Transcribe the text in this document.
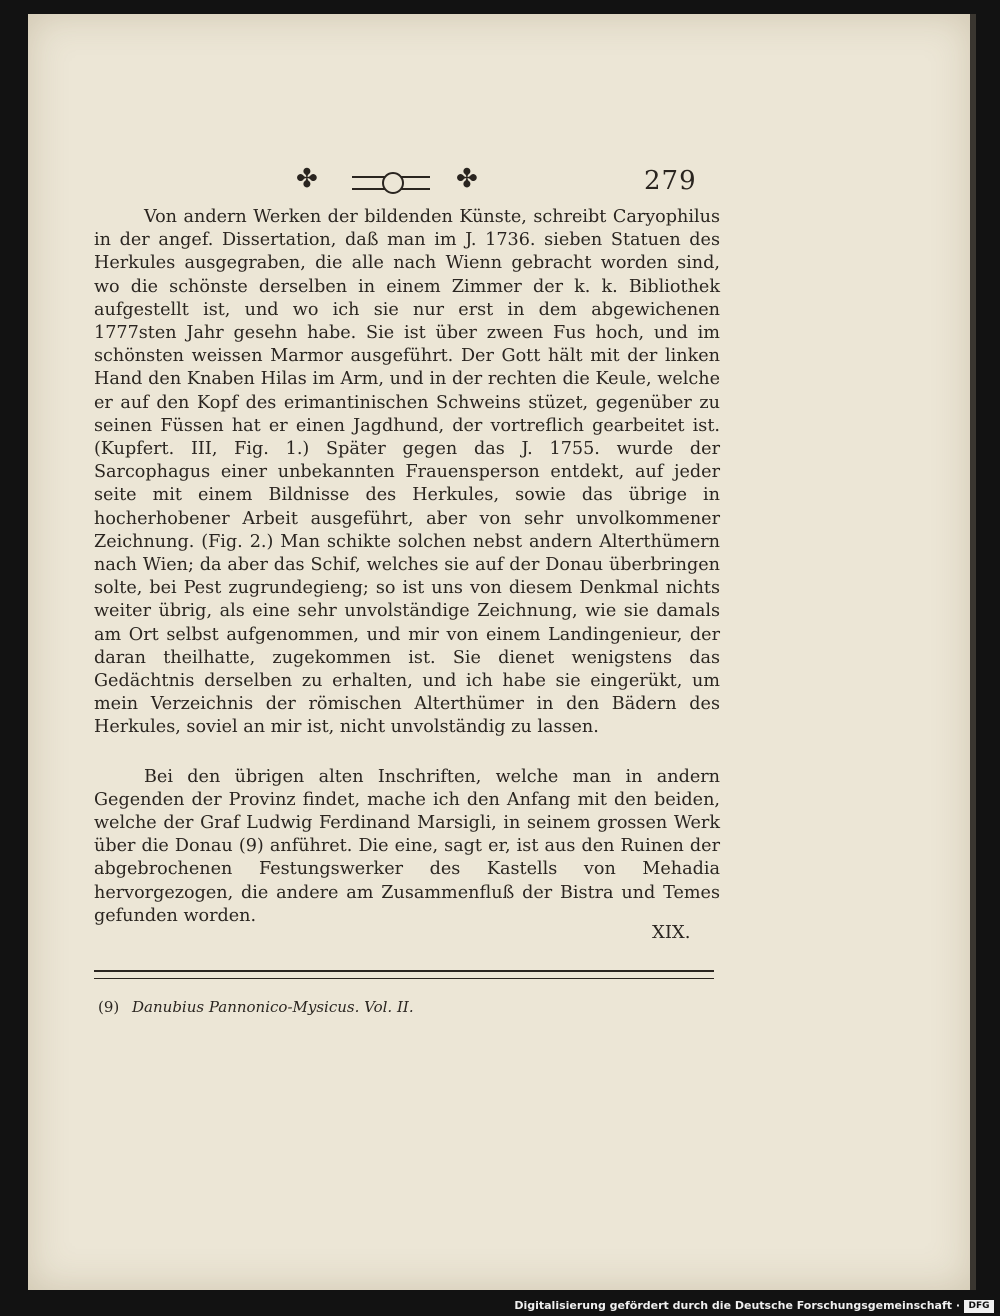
✤	✤	279

Von andern Werken der bildenden Künste, schreibt Caryophilus in der angef. Dissertation, daß man im J. 1736. sieben Statuen des Herkules ausgegraben, die alle nach Wienn gebracht worden sind, wo die schönste derselben in einem Zimmer der k. k. Bibliothek aufgestellt ist, und wo ich sie nur erst in dem abgewichenen 1777sten Jahr gesehn habe. Sie ist über zween Fus hoch, und im schönsten weissen Marmor ausgeführt. Der Gott hält mit der linken Hand den Knaben Hilas im Arm, und in der rechten die Keule, welche er auf den Kopf des erimantinischen Schweins stüzet, gegenüber zu seinen Füssen hat er einen Jagdhund, der vortreflich gearbeitet ist. (Kupfert. III, Fig. 1.) Später gegen das J. 1755. wurde der Sarcophagus einer unbekannten Frauensperson entdekt, auf jeder seite mit einem Bildnisse des Herkules, sowie das übrige in hocherhobener Arbeit ausgeführt, aber von sehr unvolkommener Zeichnung. (Fig. 2.) Man schikte solchen nebst andern Alterthümern nach Wien; da aber das Schif, welches sie auf der Donau überbringen solte, bei Pest zugrundegieng; so ist uns von diesem Denkmal nichts weiter übrig, als eine sehr unvolständige Zeichnung, wie sie damals am Ort selbst aufgenommen, und mir von einem Landingenieur, der daran theilhatte, zugekommen ist. Sie dienet wenigstens das Gedächtnis derselben zu erhalten, und ich habe sie eingerükt, um mein Verzeichnis der römischen Alterthümer in den Bädern des Herkules, soviel an mir ist, nicht unvolständig zu lassen.

Bei den übrigen alten Inschriften, welche man in andern Gegenden der Provinz findet, mache ich den Anfang mit den beiden, welche der Graf Ludwig Ferdinand Marsigli, in seinem grossen Werk über die Donau (9) anführet. Die eine, sagt er, ist aus den Ruinen der abgebrochenen Festungswerker des Kastells von Mehadia hervorgezogen, die andere am Zusammenfluß der Bistra und Temes gefunden worden.

XIX.
(9) Danubius Pannonico-Mysicus. Vol. II.
Digitalisierung gefördert durch die Deutsche Forschungsgemeinschaft · DFG
